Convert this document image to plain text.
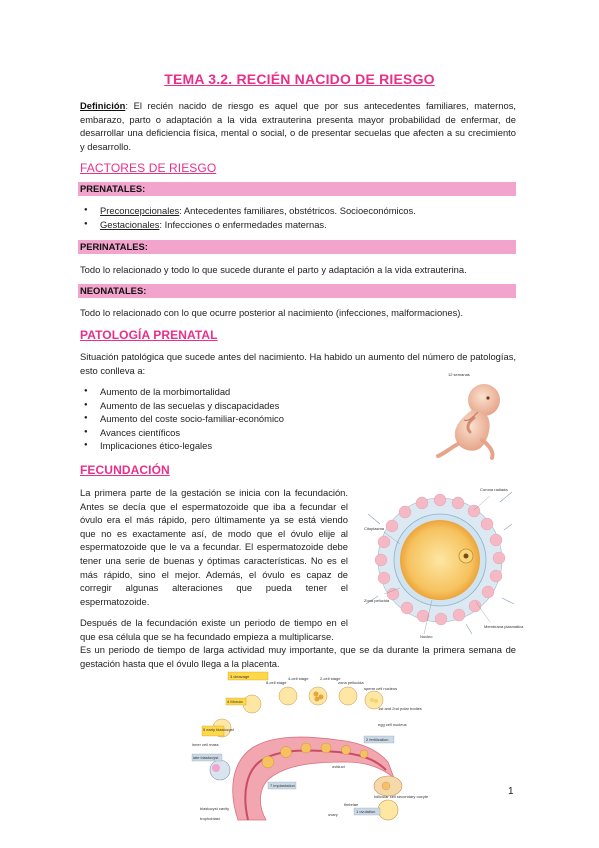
TEMA 3.2. RECIÉN NACIDO DE RIESGO
Definición: El recién nacido de riesgo es aquel que por sus antecedentes familiares, maternos, embarazo, parto o adaptación a la vida extrauterina presenta mayor probabilidad de enfermar, de desarrollar una deficiencia física, mental o social, o de presentar secuelas que afecten a su crecimiento y desarrollo.
FACTORES DE RIESGO
PRENATALES:
● Preconcepcionales: Antecedentes familiares, obstétricos. Socioeconómicos.
● Gestacionales: Infecciones o enfermedades maternas.
PERINATALES:
Todo lo relacionado y todo lo que sucede durante el parto y adaptación a la vida extrauterina.
NEONATALES:
Todo lo relacionado con lo que ocurre posterior al nacimiento (infecciones, malformaciones).
PATOLOGÍA PRENATAL
Situación patológica que sucede antes del nacimiento. Ha habido un aumento del número de patologías, esto conlleva a:
● Aumento de la morbimortalidad
● Aumento de las secuelas y discapacidades
● Aumento del coste socio-familiar-económico
● Avances científicos
● Implicaciones ético-legales
12 semanas
FECUNDACIÓN
La primera parte de la gestación se inicia con la fecundación. Antes se decía que el espermatozoide que iba a fecundar el óvulo era el más rápido, pero últimamente ya se está viendo que no es exactamente así, de modo que el óvulo elije al espermatozoide que le va a fecundar. El espermatozoide debe tener una serie de buenas y óptimas características. No es el más rápido, sino el mejor. Además, el óvulo es capaz de corregir algunas alteraciones que pueda tener el espermatozoide.
Corona radiada
Citoplasma
Zona pelúcida
Núcleo
Membrana plasmática
Después de la fecundación existe un periodo de tiempo en el que esa célula que se ha fecundado empieza a multiplicarse.
Es un periodo de tiempo de larga actividad muy importante, que se da durante la primera semana de gestación hasta que el óvulo llega a la placenta.
3 cleavage
4 Morula
5 early blastocyst
inner cell mass
late blastocyst
7 implantation
8-cell stage
4-cell stage	2-cell stage
zona pellucida
sperm cell nucleus
1st and 2nd polar bodies
egg cell nucleus
2 fertilization
oviduct
ovary
fimbriae
1 ovulation
follicular cell secondary oocyte
blastocyst cavity
trophoblast
1
